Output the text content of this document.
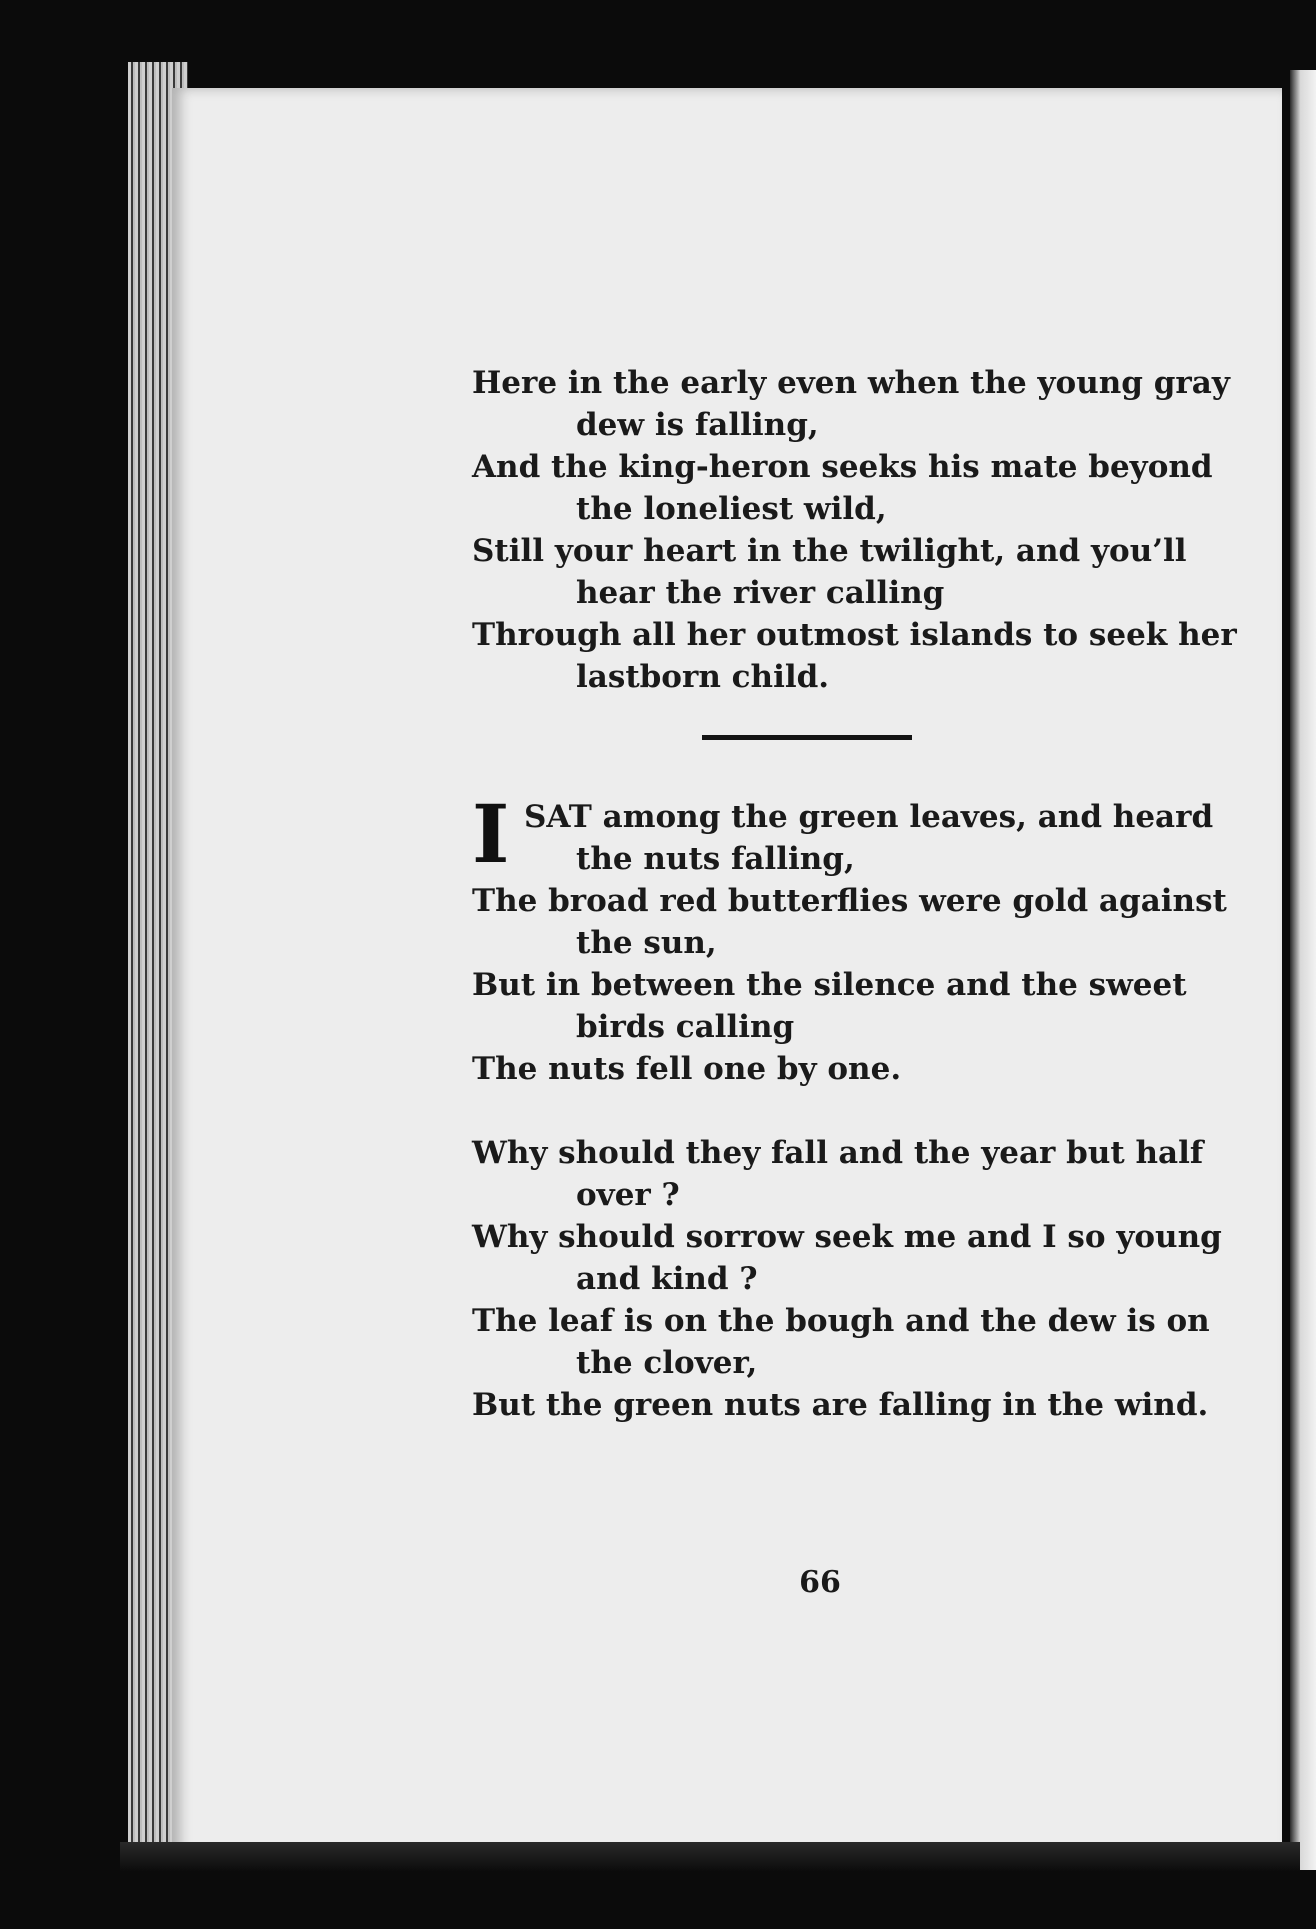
Here in the early even when the young gray
dew is falling,
And the king-heron seeks his mate beyond
the loneliest wild,
Still your heart in the twilight, and you’ll
hear the river calling
Through all her outmost islands to seek her
lastborn child.
I SAT among the green leaves, and heard
the nuts falling,
The broad red butterflies were gold against
the sun,
But in between the silence and the sweet
birds calling
The nuts fell one by one.
Why should they fall and the year but half
over ?
Why should sorrow seek me and I so young
and kind ?
The leaf is on the bough and the dew is on
the clover,
But the green nuts are falling in the wind.
66
